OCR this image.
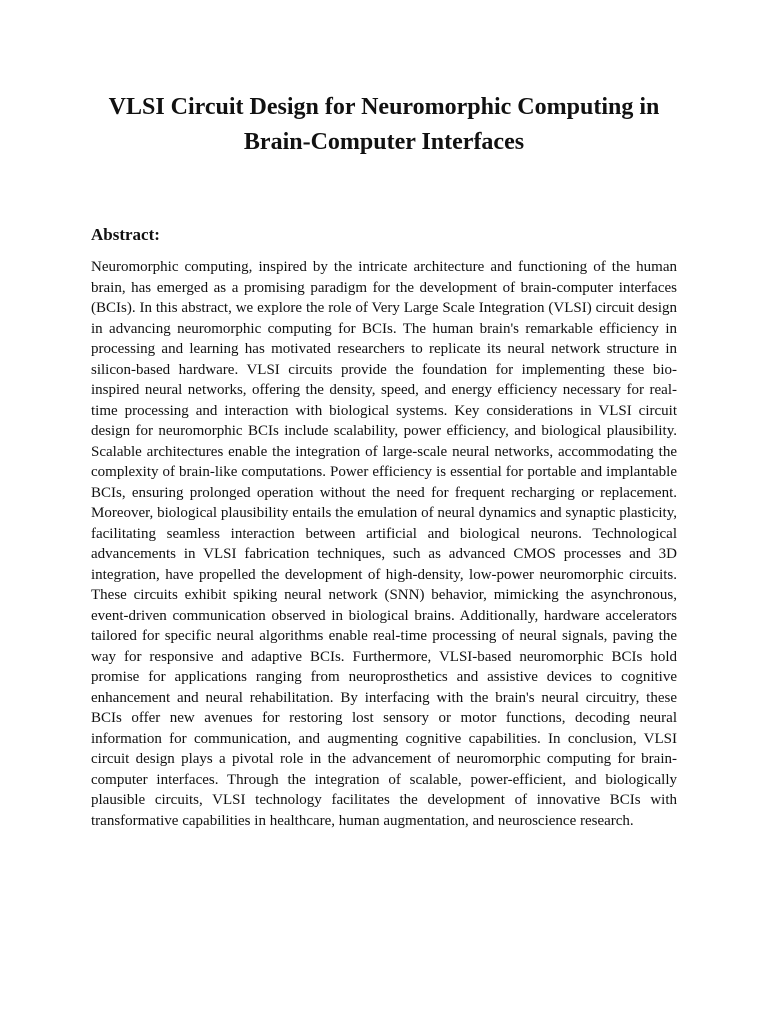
VLSI Circuit Design for Neuromorphic Computing in Brain-Computer Interfaces
Abstract:

Neuromorphic computing, inspired by the intricate architecture and functioning of the human brain, has emerged as a promising paradigm for the development of brain-computer interfaces (BCIs). In this abstract, we explore the role of Very Large Scale Integration (VLSI) circuit design in advancing neuromorphic computing for BCIs. The human brain's remarkable efficiency in processing and learning has motivated researchers to replicate its neural network structure in silicon-based hardware. VLSI circuits provide the foundation for implementing these bio-inspired neural networks, offering the density, speed, and energy efficiency necessary for real-time processing and interaction with biological systems. Key considerations in VLSI circuit design for neuromorphic BCIs include scalability, power efficiency, and biological plausibility. Scalable architectures enable the integration of large-scale neural networks, accommodating the complexity of brain-like computations. Power efficiency is essential for portable and implantable BCIs, ensuring prolonged operation without the need for frequent recharging or replacement. Moreover, biological plausibility entails the emulation of neural dynamics and synaptic plasticity, facilitating seamless interaction between artificial and biological neurons. Technological advancements in VLSI fabrication techniques, such as advanced CMOS processes and 3D integration, have propelled the development of high-density, low-power neuromorphic circuits. These circuits exhibit spiking neural network (SNN) behavior, mimicking the asynchronous, event-driven communication observed in biological brains. Additionally, hardware accelerators tailored for specific neural algorithms enable real-time processing of neural signals, paving the way for responsive and adaptive BCIs. Furthermore, VLSI-based neuromorphic BCIs hold promise for applications ranging from neuroprosthetics and assistive devices to cognitive enhancement and neural rehabilitation. By interfacing with the brain's neural circuitry, these BCIs offer new avenues for restoring lost sensory or motor functions, decoding neural information for communication, and augmenting cognitive capabilities. In conclusion, VLSI circuit design plays a pivotal role in the advancement of neuromorphic computing for brain-computer interfaces. Through the integration of scalable, power-efficient, and biologically plausible circuits, VLSI technology facilitates the development of innovative BCIs with transformative capabilities in healthcare, human augmentation, and neuroscience research.
